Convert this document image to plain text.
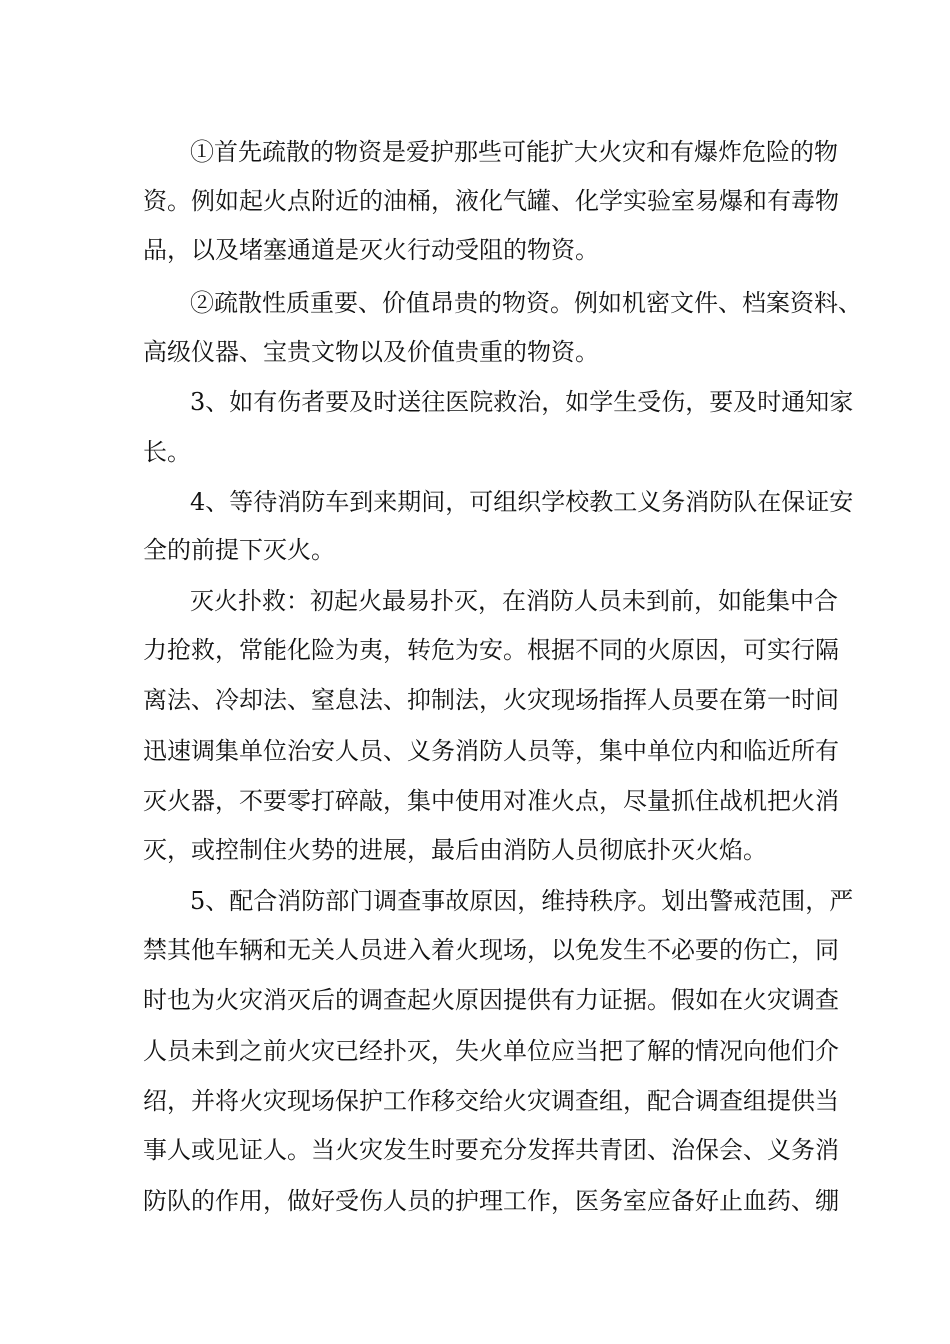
①首先疏散的物资是爱护那些可能扩大火灾和有爆炸危险的物
资。例如起火点附近的油桶，液化气罐、化学实验室易爆和有毒物
品，以及堵塞通道是灭火行动受阻的物资。
②疏散性质重要、价值昂贵的物资。例如机密文件、档案资料、
高级仪器、宝贵文物以及价值贵重的物资。
3、如有伤者要及时送往医院救治，如学生受伤，要及时通知家
长。
4、等待消防车到来期间，可组织学校教工义务消防队在保证安
全的前提下灭火。
灭火扑救：初起火最易扑灭，在消防人员未到前，如能集中合
力抢救，常能化险为夷，转危为安。根据不同的火原因，可实行隔
离法、冷却法、窒息法、抑制法，火灾现场指挥人员要在第一时间
迅速调集单位治安人员、义务消防人员等，集中单位内和临近所有
灭火器，不要零打碎敲，集中使用对准火点，尽量抓住战机把火消
灭，或控制住火势的进展，最后由消防人员彻底扑灭火焰。
5、配合消防部门调查事故原因，维持秩序。划出警戒范围，严
禁其他车辆和无关人员进入着火现场，以免发生不必要的伤亡，同
时也为火灾消灭后的调查起火原因提供有力证据。假如在火灾调查
人员未到之前火灾已经扑灭，失火单位应当把了解的情况向他们介
绍，并将火灾现场保护工作移交给火灾调查组，配合调查组提供当
事人或见证人。当火灾发生时要充分发挥共青团、治保会、义务消
防队的作用，做好受伤人员的护理工作，医务室应备好止血药、绷
